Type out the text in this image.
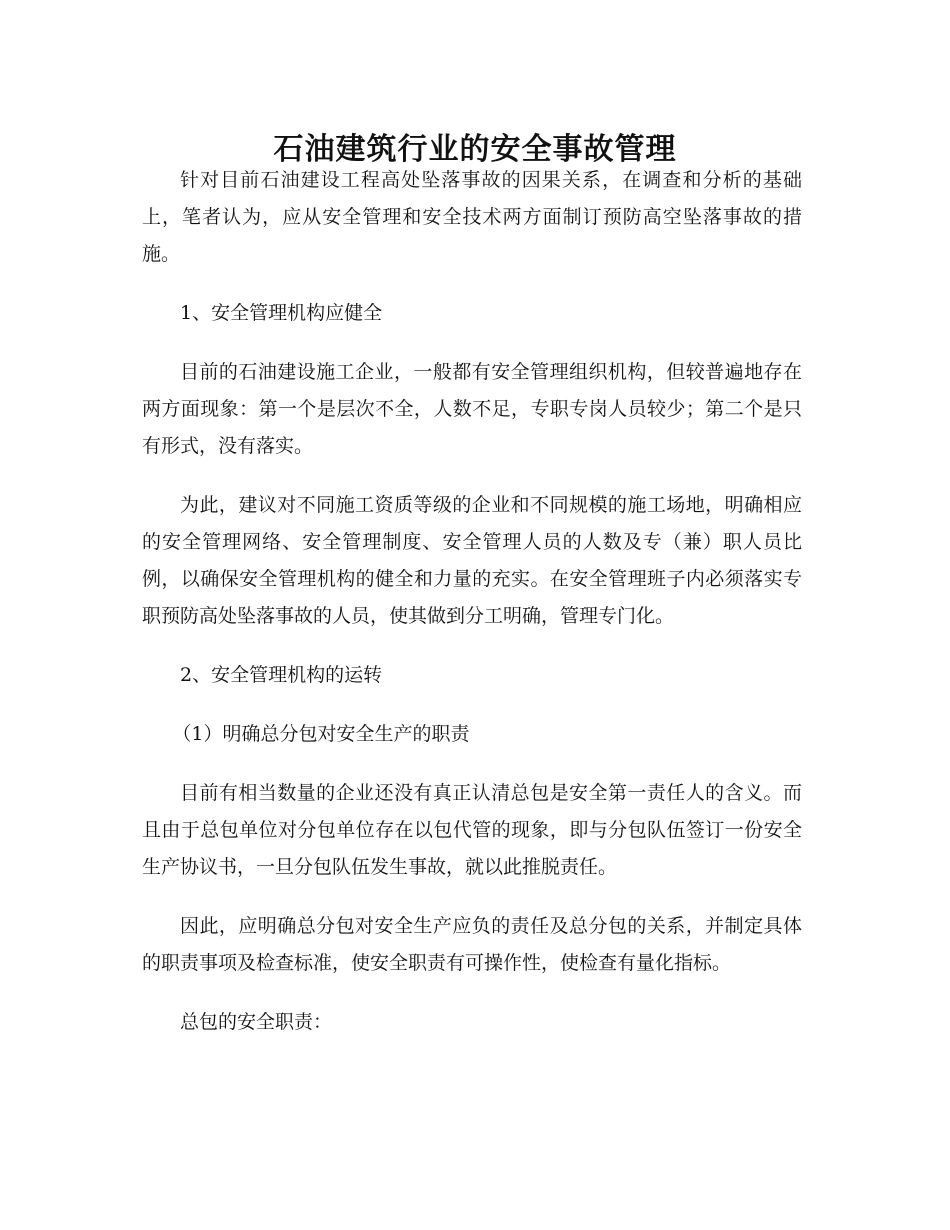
石油建筑行业的安全事故管理

针对目前石油建设工程高处坠落事故的因果关系，在调查和分析的基础上，笔者认为，应从安全管理和安全技术两方面制订预防高空坠落事故的措施。

1、安全管理机构应健全

目前的石油建设施工企业，一般都有安全管理组织机构，但较普遍地存在两方面现象：第一个是层次不全，人数不足，专职专岗人员较少；第二个是只有形式，没有落实。

为此，建议对不同施工资质等级的企业和不同规模的施工场地，明确相应的安全管理网络、安全管理制度、安全管理人员的人数及专（兼）职人员比例，以确保安全管理机构的健全和力量的充实。在安全管理班子内必须落实专职预防高处坠落事故的人员，使其做到分工明确，管理专门化。

2、安全管理机构的运转

（1）明确总分包对安全生产的职责

目前有相当数量的企业还没有真正认清总包是安全第一责任人的含义。而且由于总包单位对分包单位存在以包代管的现象，即与分包队伍签订一份安全生产协议书，一旦分包队伍发生事故，就以此推脱责任。

因此，应明确总分包对安全生产应负的责任及总分包的关系，并制定具体的职责事项及检查标准，使安全职责有可操作性，使检查有量化指标。

总包的安全职责：
